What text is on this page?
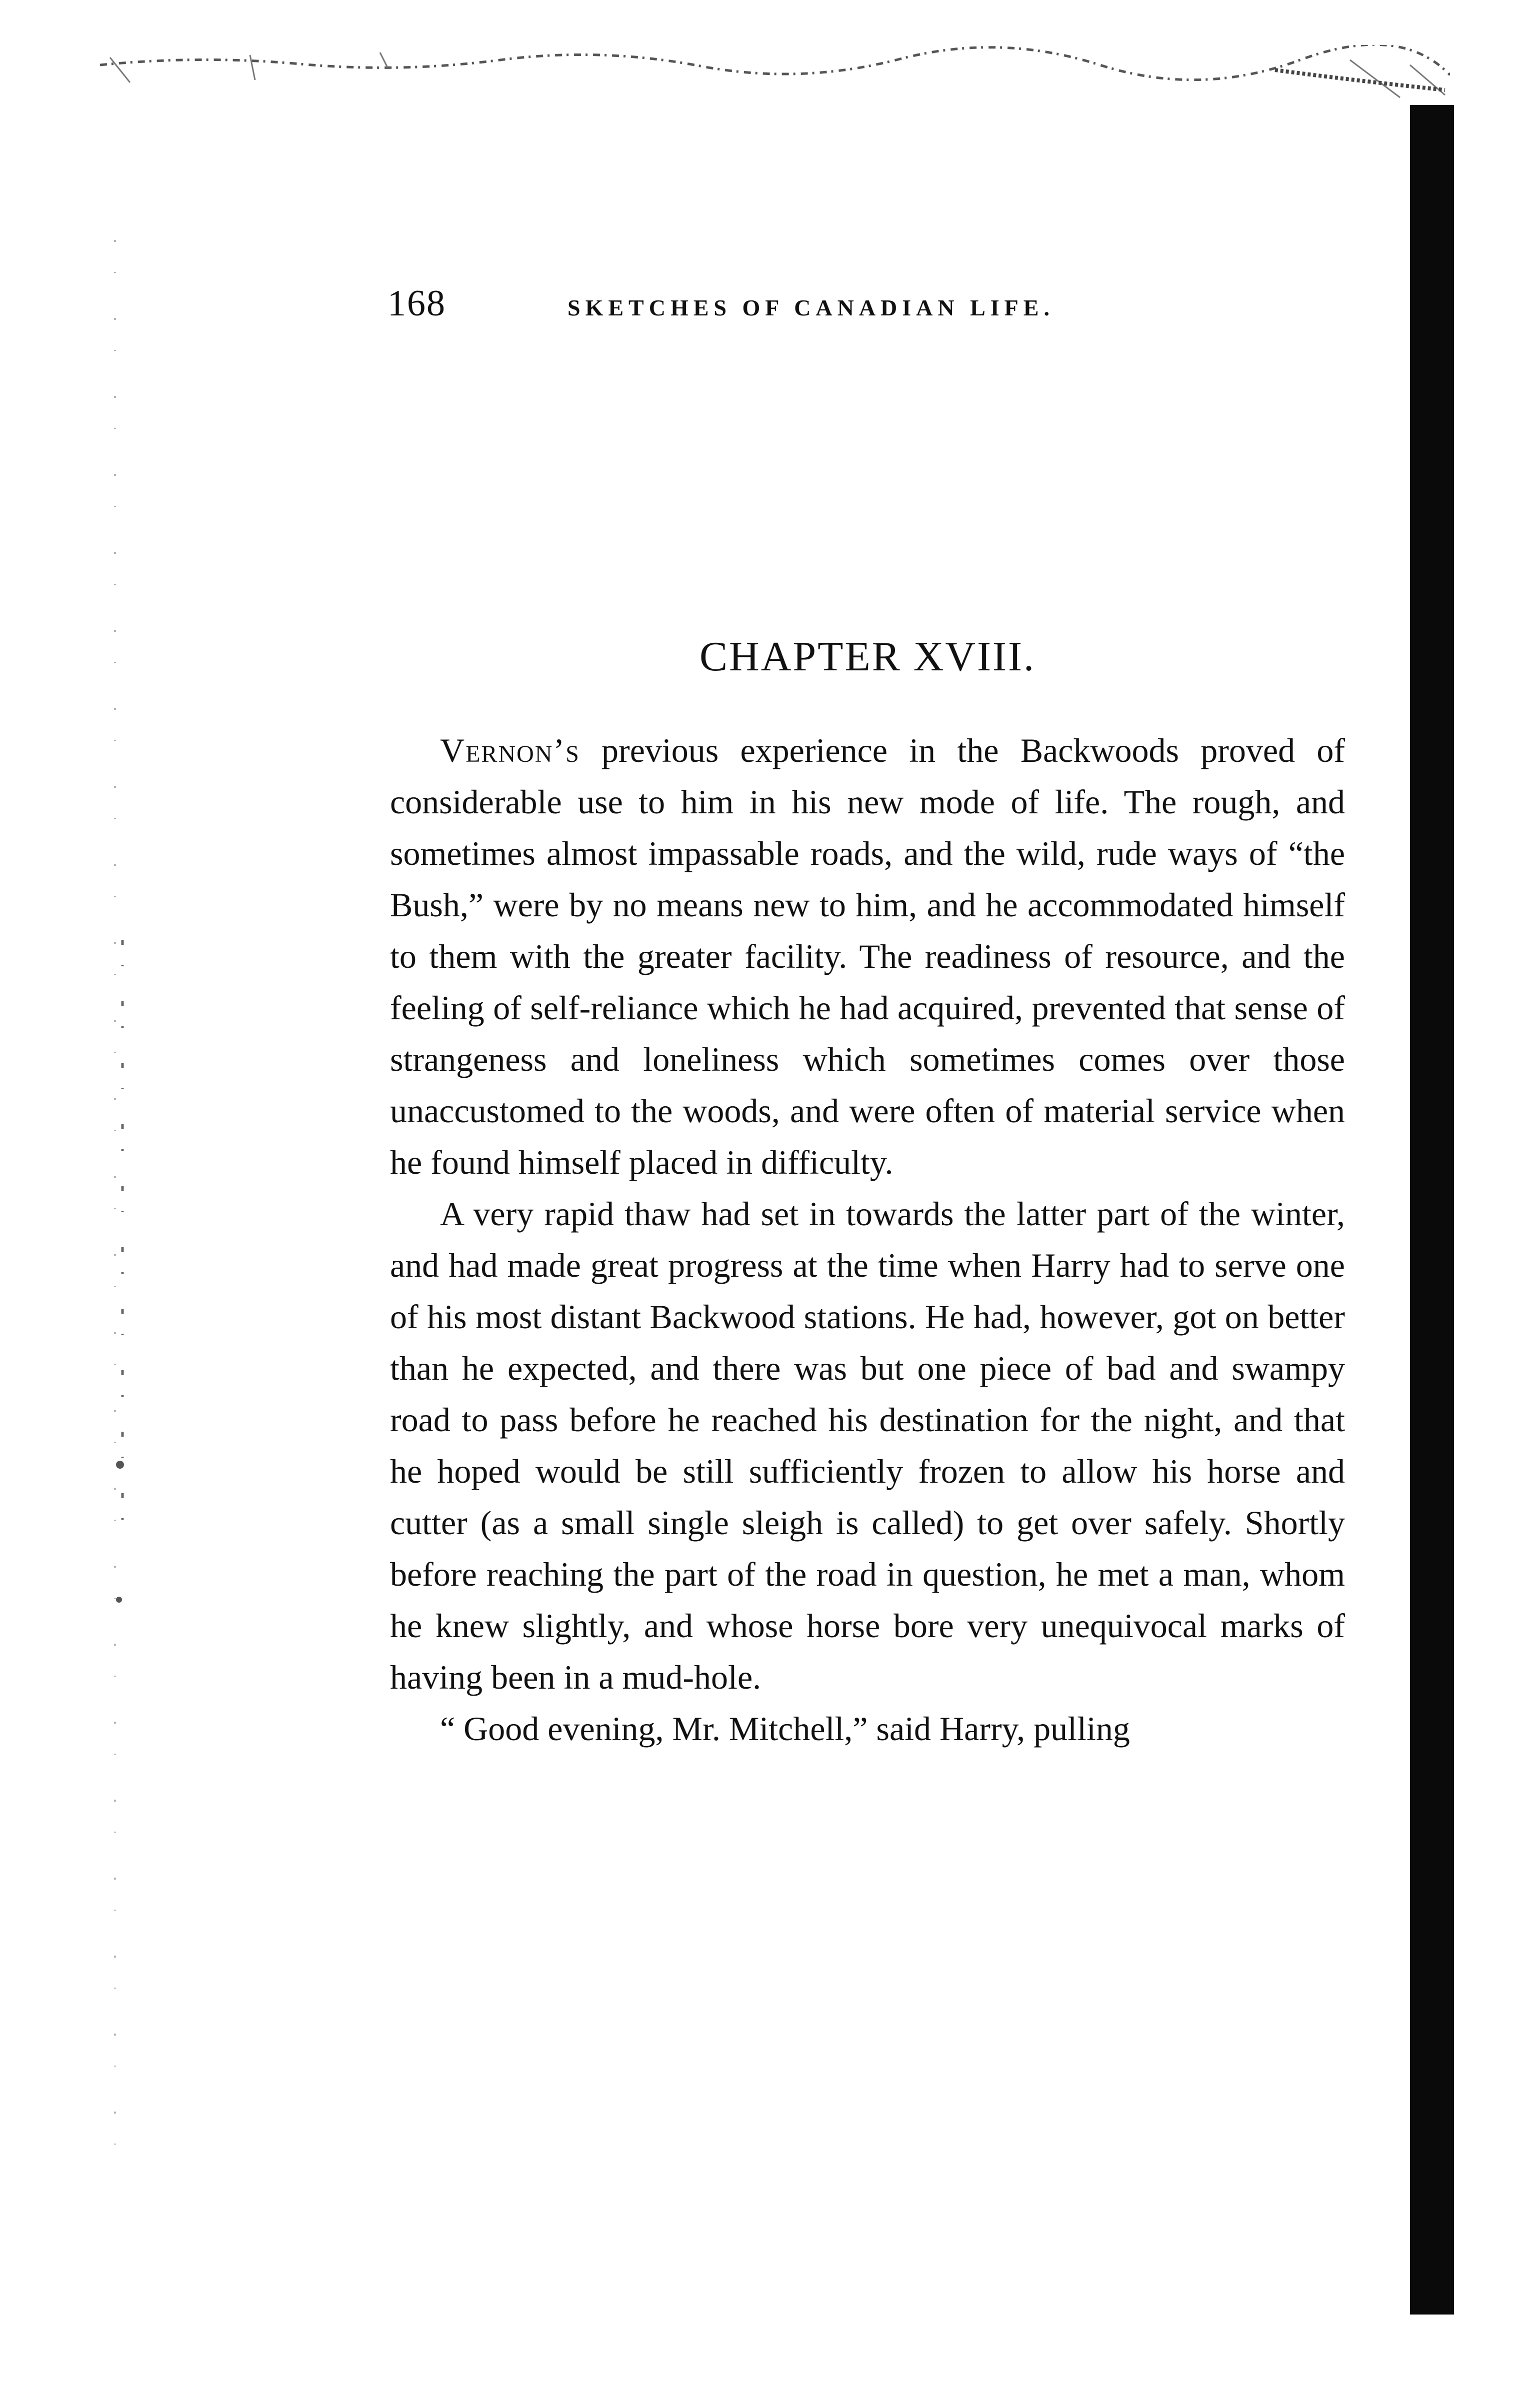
168	SKETCHES OF CANADIAN LIFE.
CHAPTER XVIII.

Vernon’s previous experience in the Backwoods proved of considerable use to him in his new mode of life. The rough, and sometimes almost impassable roads, and the wild, rude ways of “the Bush,” were by no means new to him, and he accommodated himself to them with the greater facility. The readiness of resource, and the feeling of self-reliance which he had acquired, prevented that sense of strangeness and loneliness which sometimes comes over those unaccustomed to the woods, and were often of material service when he found himself placed in difficulty.

A very rapid thaw had set in towards the latter part of the winter, and had made great progress at the time when Harry had to serve one of his most distant Backwood stations. He had, however, got on better than he expected, and there was but one piece of bad and swampy road to pass before he reached his destination for the night, and that he hoped would be still sufficiently frozen to allow his horse and cutter (as a small single sleigh is called) to get over safely. Shortly before reaching the part of the road in question, he met a man, whom he knew slightly, and whose horse bore very unequivocal marks of having been in a mud-hole.

“ Good evening, Mr. Mitchell,” said Harry, pulling
